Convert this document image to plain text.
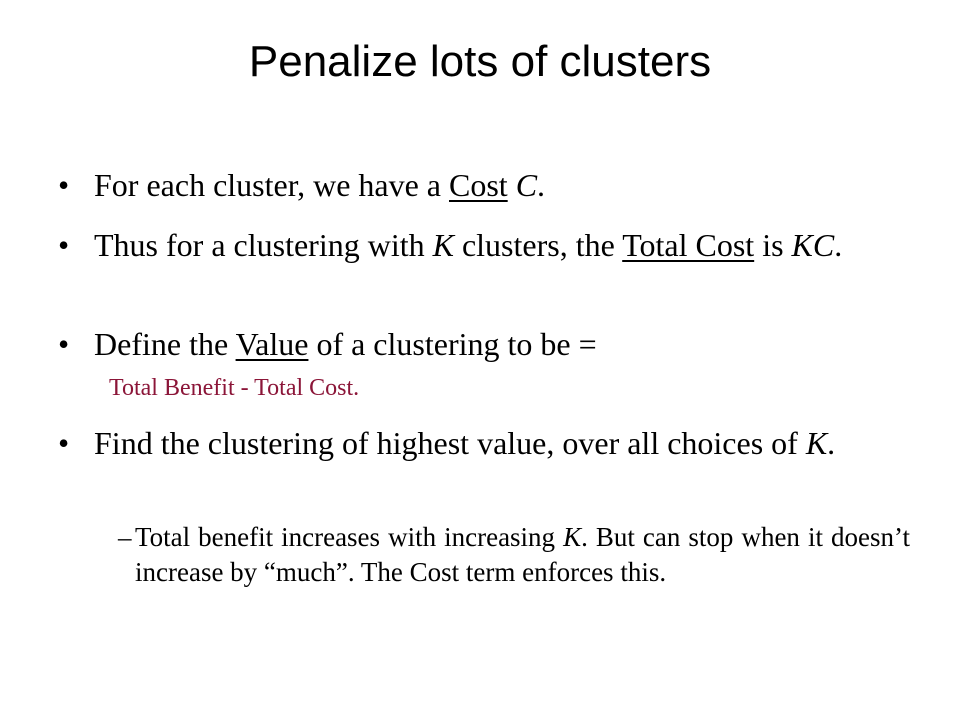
Penalize lots of clusters
• For each cluster, we have a Cost C.
• Thus for a clustering with K clusters, the Total Cost is KC.
• Define the Value of a clustering to be =
Total Benefit - Total Cost.
• Find the clustering of highest value, over all choices of K.
– Total benefit increases with increasing K. But can stop when it doesn’t increase by “much”. The Cost term enforces this.
